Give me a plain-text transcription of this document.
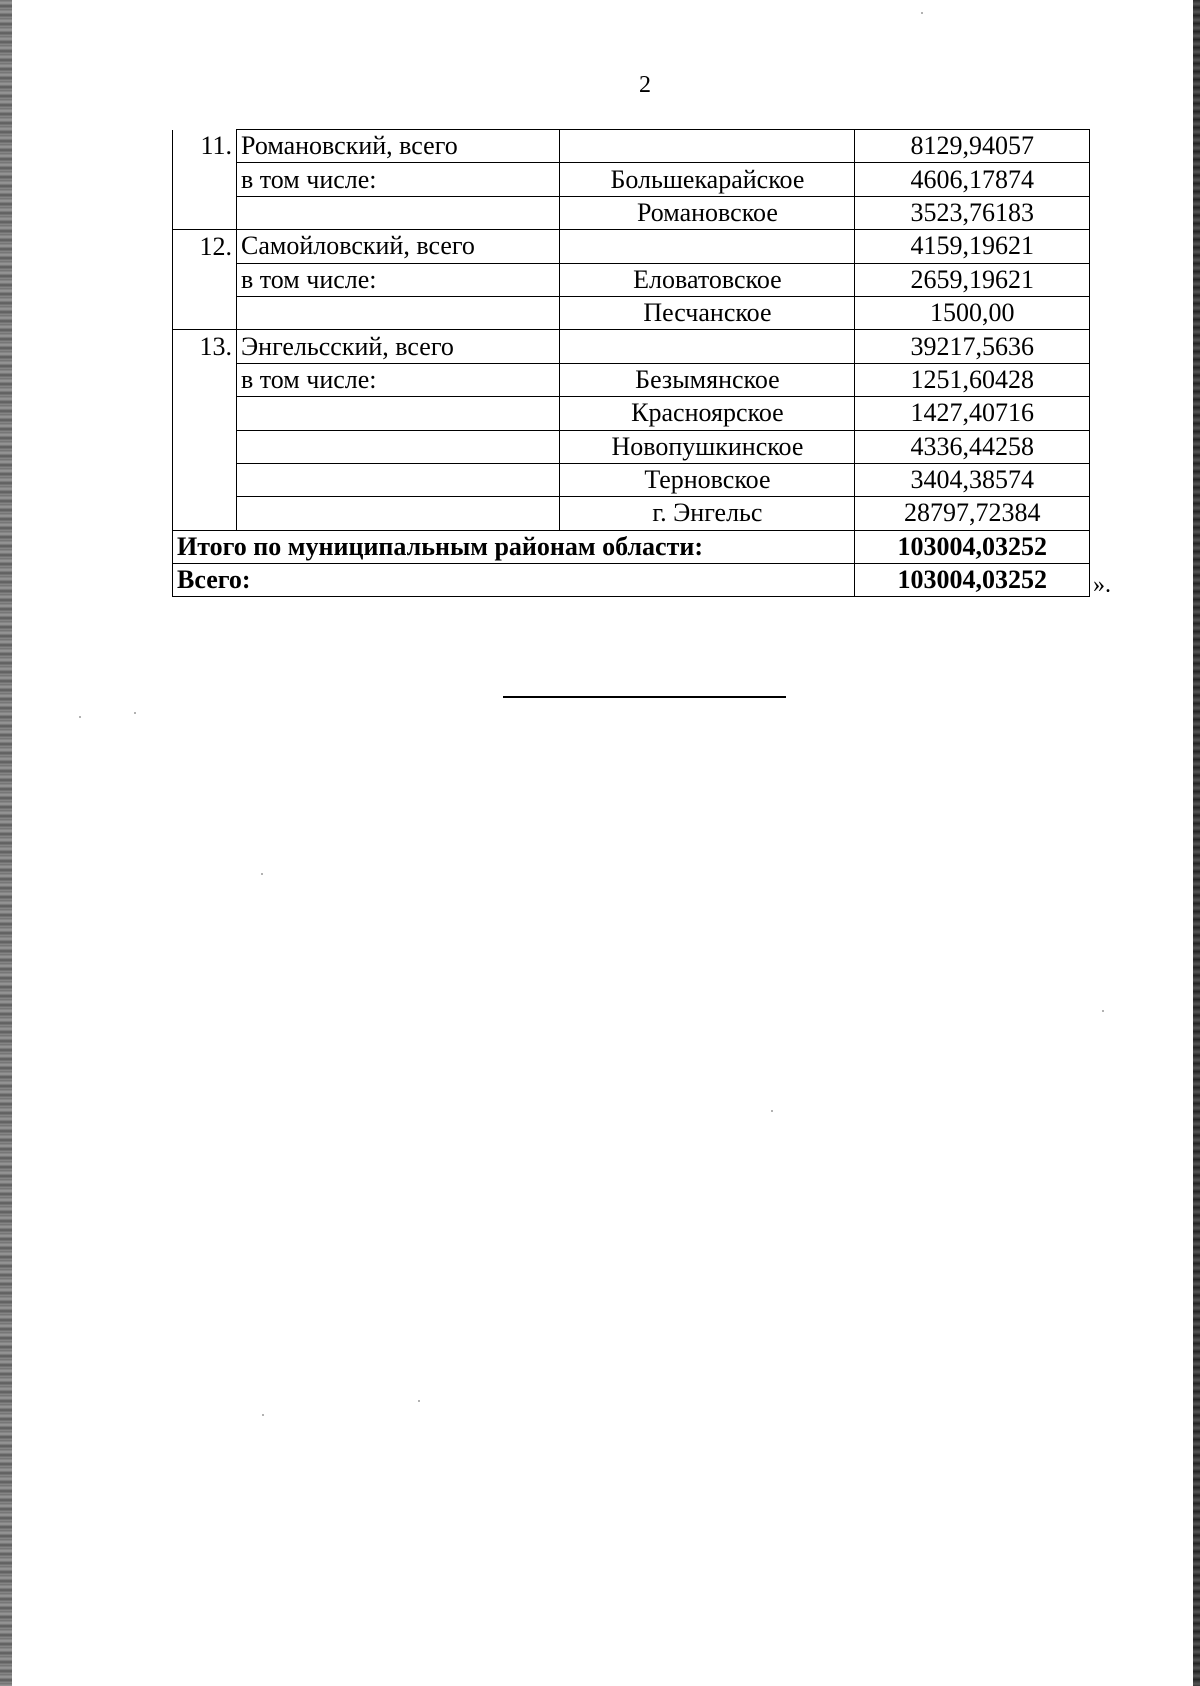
2
11.	Романовский, всего		8129,94057
	в том числе:	Большекарайское	4606,17874
		Романовское	3523,76183
12.	Самойловский, всего		4159,19621
	в том числе:	Еловатовское	2659,19621
		Песчанское	1500,00
13.	Энгельсский, всего		39217,5636
	в том числе:	Безымянское	1251,60428
		Красноярское	1427,40716
		Новопушкинское	4336,44258
		Терновское	3404,38574
		г. Энгельс	28797,72384
Итого по муниципальным районам области:			103004,03252
Всего:			103004,03252 ».
